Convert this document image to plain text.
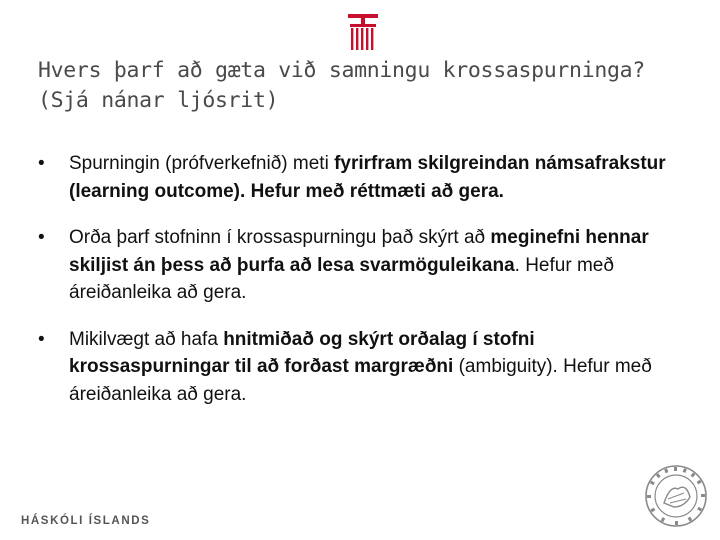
Hvers þarf að gæta við samningu krossaspurninga?
(Sjá nánar ljósrit)
• Spurningin (prófverkefnið) meti fyrirfram skilgreindan námsafrakstur (learning outcome). Hefur með réttmæti að gera.
• Orða þarf stofninn í krossaspurningu það skýrt að meginefni hennar skiljist án þess að þurfa að lesa svarmöguleikana. Hefur með áreiðanleika að gera.
• Mikilvægt að hafa hnitmiðað og skýrt orðalag í stofni krossaspurningar til að forðast margræðni (ambiguity). Hefur með áreiðanleika að gera.
HÁSKÓLI ÍSLANDS
